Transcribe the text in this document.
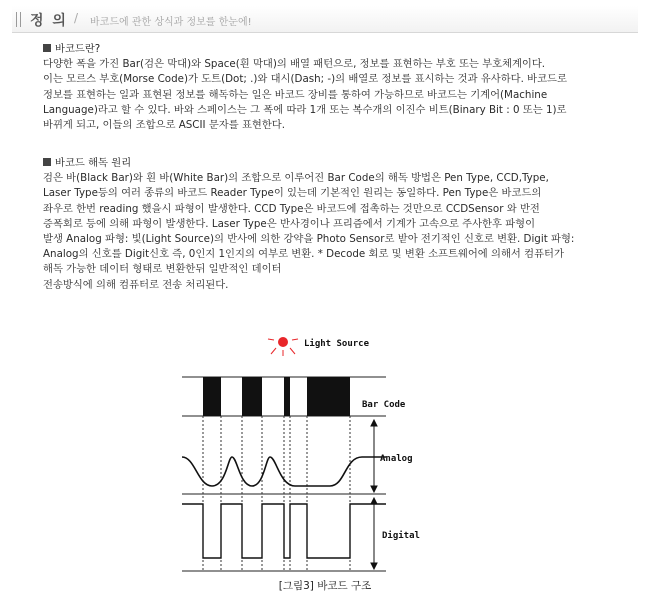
정 의 / 바코드에 관한 상식과 정보를 한눈에!
바코드란?
다양한 폭을 가진 Bar(검은 막대)와 Space(흰 막대)의 배열 패턴으로, 정보를 표현하는 부호 또는 부호체계이다.
이는 모르스 부호(Morse Code)가 도트(Dot; .)와 대시(Dash; -)의 배열로 정보를 표시하는 것과 유사하다. 바코드로
정보를 표현하는 일과 표현된 정보를 해독하는 일은 바코드 장비를 통하여 가능하므로 바코드는 기계어(Machine
Language)라고 할 수 있다. 바와 스페이스는 그 폭에 따라 1개 또는 복수개의 이진수 비트(Binary Bit : 0 또는 1)로
바뀌게 되고, 이들의 조합으로 ASCII 문자를 표현한다.
바코드 해독 원리
검은 바(Black Bar)와 흰 바(White Bar)의 조합으로 이루어진 Bar Code의 해독 방법은 Pen Type, CCD,Type,
Laser Type등의 여러 종류의 바코드 Reader Type이 있는데 기본적인 원리는 동일하다. Pen Type은 바코드의
좌우로 한번 reading 했을시 파형이 발생한다. CCD Type은 바코드에 접촉하는 것만으로 CCDSensor 와 반전
증폭회로 등에 의해 파형이 발생한다. Laser Type은 반사경이나 프리즘에서 기계가 고속으로 주사한후 파형이
발생 Analog 파형: 빛(Light Source)의 반사에 의한 강약을 Photo Sensor로 받아 전기적인 신호로 변환. Digit 파형:
Analog의 신호를 Digit신호 즉, 0인지 1인지의 여부로 변환. * Decode 회로 및 변환 소프트웨어에 의해서 컴퓨터가
해독 가능한 데이터 형태로 변환한뒤 일반적인 데이터
전송방식에 의해 컴퓨터로 전송 처리된다.
Light Source
Bar Code
Analog
Digital
[그림3] 바코드 구조
